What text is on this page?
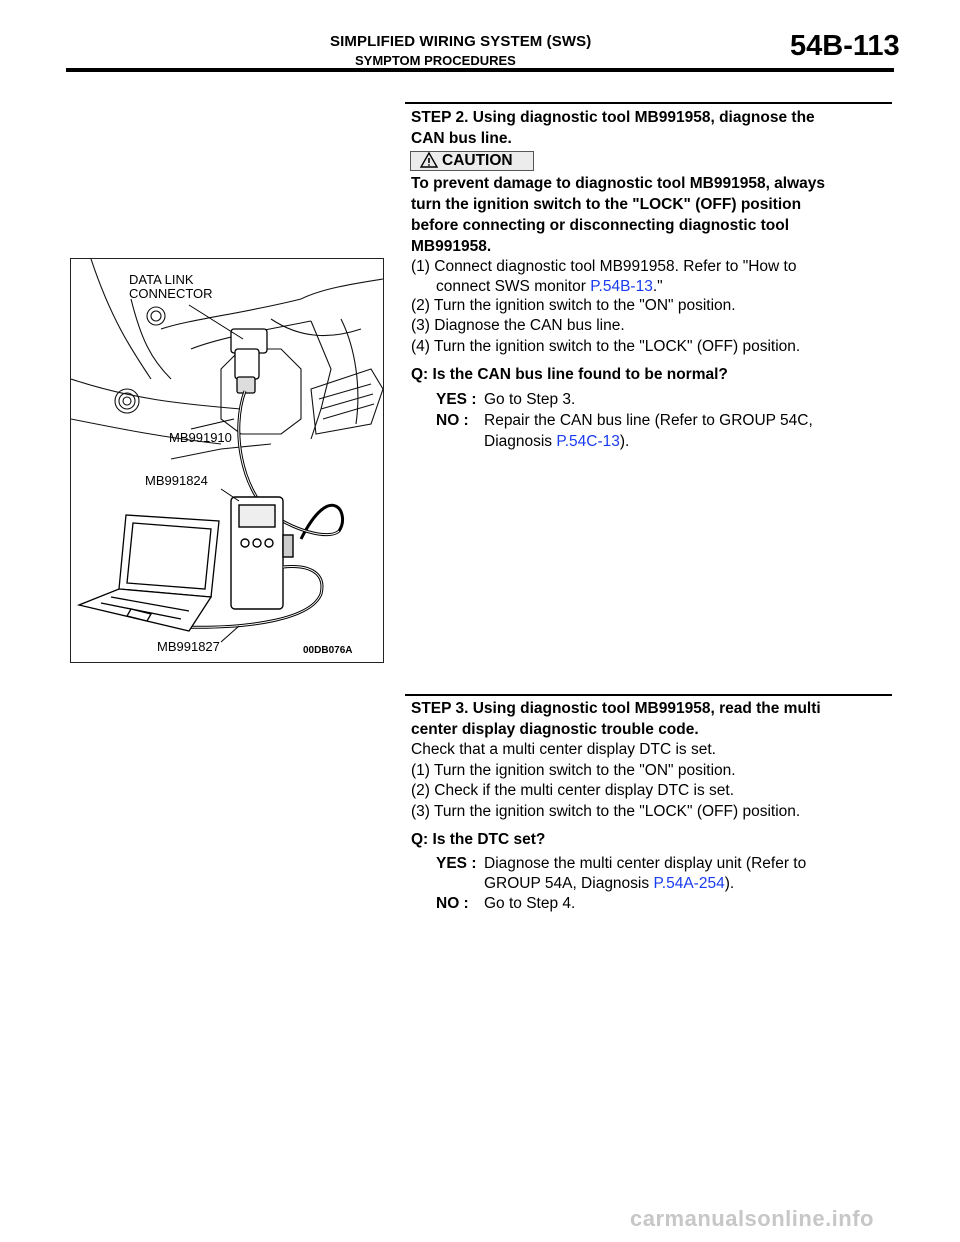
SIMPLIFIED WIRING SYSTEM (SWS)
SYMPTOM PROCEDURES	54B-113
STEP 2. Using diagnostic tool MB991958, diagnose the
CAN bus line.
CAUTION
To prevent damage to diagnostic tool MB991958, always
turn the ignition switch to the "LOCK" (OFF) position
before connecting or disconnecting diagnostic tool
MB991958.
(1) Connect diagnostic tool MB991958. Refer to "How to
connect SWS monitor P.54B-13."
(2) Turn the ignition switch to the "ON" position.
(3) Diagnose the CAN bus line.
(4) Turn the ignition switch to the "LOCK" (OFF) position.
Q: Is the CAN bus line found to be normal?
YES : Go to Step 3.
NO : Repair the CAN bus line (Refer to GROUP 54C,
Diagnosis P.54C-13).
DATA LINK
CONNECTOR
MB991910
MB991824
MB991827	00DB076A
STEP 3. Using diagnostic tool MB991958, read the multi
center display diagnostic trouble code.
Check that a multi center display DTC is set.
(1) Turn the ignition switch to the "ON" position.
(2) Check if the multi center display DTC is set.
(3) Turn the ignition switch to the "LOCK" (OFF) position.
Q: Is the DTC set?
YES : Diagnose the multi center display unit (Refer to
GROUP 54A, Diagnosis P.54A-254).
NO : Go to Step 4.
carmanualsonline.info
